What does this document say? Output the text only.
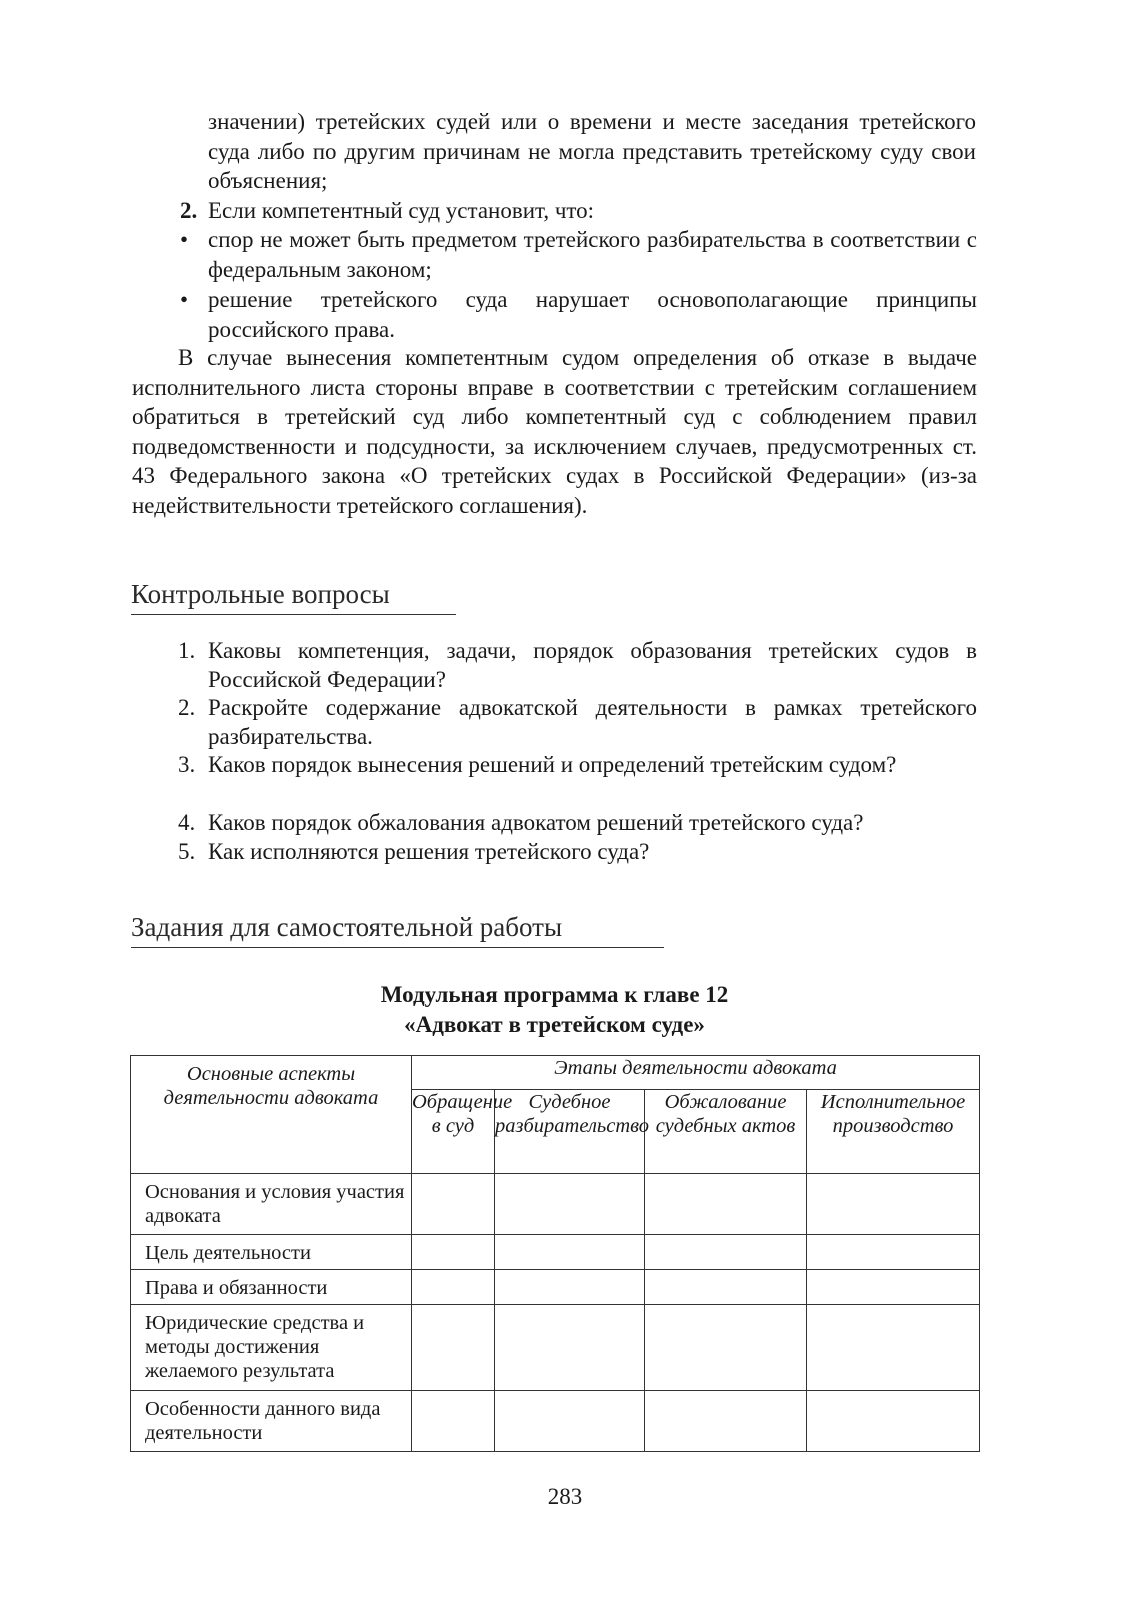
значении) третейских судей или о времени и месте заседания третейского суда либо по другим причинам не могла представить третейскому суду свои объяснения;

2. Если компетентный суд установит, что:
• спор не может быть предметом третейского разбирательства в соответствии с федеральным законом;
• решение третейского суда нарушает основополагающие принципы российского права.

В случае вынесения компетентным судом определения об отказе в выдаче исполнительного листа стороны вправе в соответствии с третейским соглашением обратиться в третейский суд либо компетентный суд с соблюдением правил подведомственности и подсудности, за исключением случаев, предусмотренных ст. 43 Федерального закона «О третейских судах в Российской Федерации» (из-за недействительности третейского соглашения).

Контрольные вопросы
1. Каковы компетенция, задачи, порядок образования третейских судов в Российской Федерации?
2. Раскройте содержание адвокатской деятельности в рамках третейского разбирательства.
3. Каков порядок вынесения решений и определений третейским судом?
4. Каков порядок обжалования адвокатом решений третейского суда?
5. Как исполняются решения третейского суда?
Задания для самостоятельной работы

Модульная программа к главе 12

«Адвокат в третейском суде»

Основные аспекты деятельности адвоката	Этапы деятельности адвоката			
	Обращение в суд	Судебное разбирательство	Обжалование судебных актов	Исполнительное производство
Основания и условия участия адвоката				
Цель деятельности				
Права и обязанности				
Юридические средства и методы достижения желаемого результата				
Особенности данного вида деятельности				

283
